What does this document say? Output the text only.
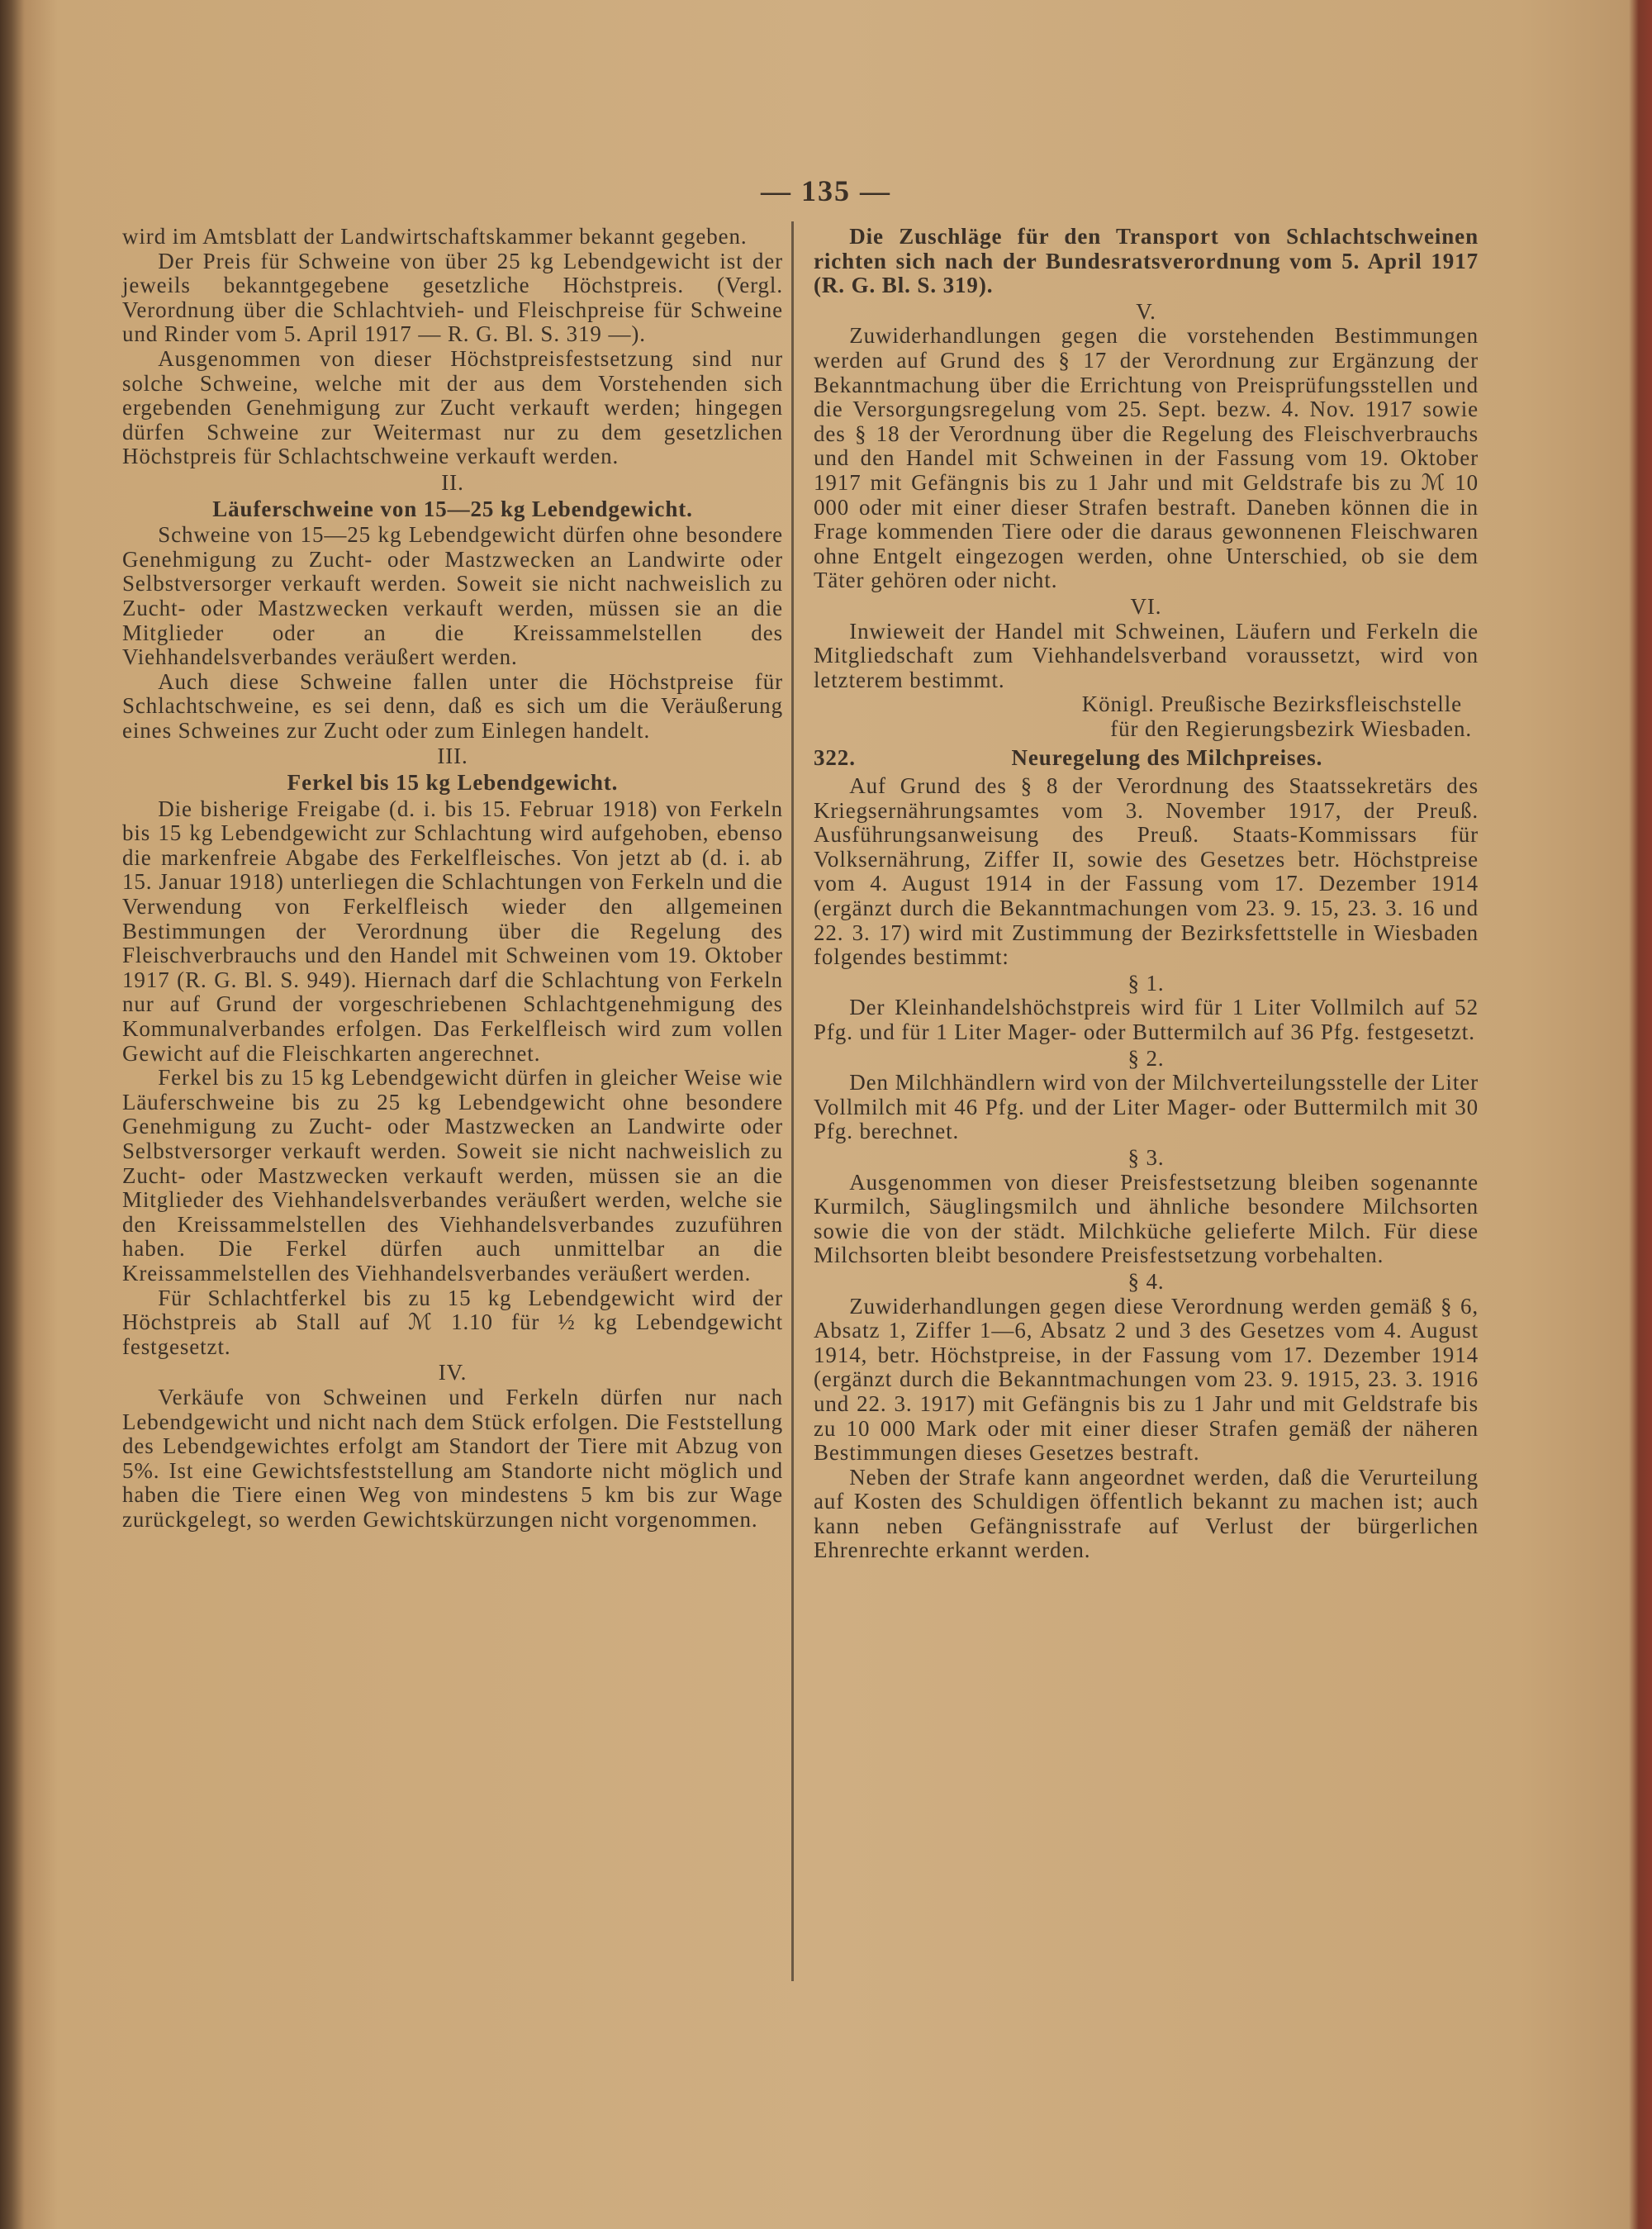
— 135 —

wird im Amtsblatt der Landwirtschaftskammer bekannt gegeben.

Der Preis für Schweine von über 25 kg Lebendgewicht ist der jeweils bekanntgegebene gesetzliche Höchstpreis. (Vergl. Verordnung über die Schlachtvieh- und Fleischpreise für Schweine und Rinder vom 5. April 1917 — R. G. Bl. S. 319 —).

Ausgenommen von dieser Höchstpreisfestsetzung sind nur solche Schweine, welche mit der aus dem Vorstehenden sich ergebenden Genehmigung zur Zucht verkauft werden; hingegen dürfen Schweine zur Weitermast nur zu dem gesetzlichen Höchstpreis für Schlachtschweine verkauft werden.

II.
Läuferschweine von 15—25 kg Lebendgewicht.

Schweine von 15—25 kg Lebendgewicht dürfen ohne besondere Genehmigung zu Zucht- oder Mastzwecken an Landwirte oder Selbstversorger verkauft werden. Soweit sie nicht nachweislich zu Zucht- oder Mastzwecken verkauft werden, müssen sie an die Mitglieder oder an die Kreissammelstellen des Viehhandelsverbandes veräußert werden.

Auch diese Schweine fallen unter die Höchstpreise für Schlachtschweine, es sei denn, daß es sich um die Veräußerung eines Schweines zur Zucht oder zum Einlegen handelt.

III.
Ferkel bis 15 kg Lebendgewicht.

Die bisherige Freigabe (d. i. bis 15. Februar 1918) von Ferkeln bis 15 kg Lebendgewicht zur Schlachtung wird aufgehoben, ebenso die markenfreie Abgabe des Ferkelfleisches. Von jetzt ab (d. i. ab 15. Januar 1918) unterliegen die Schlachtungen von Ferkeln und die Verwendung von Ferkelfleisch wieder den allgemeinen Bestimmungen der Verordnung über die Regelung des Fleischverbrauchs und den Handel mit Schweinen vom 19. Oktober 1917 (R. G. Bl. S. 949). Hiernach darf die Schlachtung von Ferkeln nur auf Grund der vorgeschriebenen Schlachtgenehmigung des Kommunalverbandes erfolgen. Das Ferkelfleisch wird zum vollen Gewicht auf die Fleischkarten angerechnet.

Ferkel bis zu 15 kg Lebendgewicht dürfen in gleicher Weise wie Läuferschweine bis zu 25 kg Lebendgewicht ohne besondere Genehmigung zu Zucht- oder Mastzwecken an Landwirte oder Selbstversorger verkauft werden. Soweit sie nicht nachweislich zu Zucht- oder Mastzwecken verkauft werden, müssen sie an die Mitglieder des Viehhandelsverbandes veräußert werden, welche sie den Kreissammelstellen des Viehhandelsverbandes zuzuführen haben. Die Ferkel dürfen auch unmittelbar an die Kreissammelstellen des Viehhandelsverbandes veräußert werden.

Für Schlachtferkel bis zu 15 kg Lebendgewicht wird der Höchstpreis ab Stall auf ℳ 1.10 für ½ kg Lebendgewicht festgesetzt.

IV.

Verkäufe von Schweinen und Ferkeln dürfen nur nach Lebendgewicht und nicht nach dem Stück erfolgen. Die Feststellung des Lebendgewichtes erfolgt am Standort der Tiere mit Abzug von 5%. Ist eine Gewichtsfeststellung am Standorte nicht möglich und haben die Tiere einen Weg von mindestens 5 km bis zur Wage zurückgelegt, so werden Gewichtskürzungen nicht vorgenommen.

Die Zuschläge für den Transport von Schlachtschweinen richten sich nach der Bundesratsverordnung vom 5. April 1917 (R. G. Bl. S. 319).

V.

Zuwiderhandlungen gegen die vorstehenden Bestimmungen werden auf Grund des § 17 der Verordnung zur Ergänzung der Bekanntmachung über die Errichtung von Preisprüfungsstellen und die Versorgungsregelung vom 25. Sept. bezw. 4. Nov. 1917 sowie des § 18 der Verordnung über die Regelung des Fleischverbrauchs und den Handel mit Schweinen in der Fassung vom 19. Oktober 1917 mit Gefängnis bis zu 1 Jahr und mit Geldstrafe bis zu ℳ 10 000 oder mit einer dieser Strafen bestraft. Daneben können die in Frage kommenden Tiere oder die daraus gewonnenen Fleischwaren ohne Entgelt eingezogen werden, ohne Unterschied, ob sie dem Täter gehören oder nicht.

VI.

Inwieweit der Handel mit Schweinen, Läufern und Ferkeln die Mitgliedschaft zum Viehhandelsverband voraussetzt, wird von letzterem bestimmt.

Königl. Preußische Bezirksfleischstelle
für den Regierungsbezirk Wiesbaden.
322.	Neuregelung des Milchpreises.

Auf Grund des § 8 der Verordnung des Staatssekretärs des Kriegsernährungsamtes vom 3. November 1917, der Preuß. Ausführungsanweisung des Preuß. Staats-Kommissars für Volksernährung, Ziffer II, sowie des Gesetzes betr. Höchstpreise vom 4. August 1914 in der Fassung vom 17. Dezember 1914 (ergänzt durch die Bekanntmachungen vom 23. 9. 15, 23. 3. 16 und 22. 3. 17) wird mit Zustimmung der Bezirksfettstelle in Wiesbaden folgendes bestimmt:

§ 1.

Der Kleinhandelshöchstpreis wird für 1 Liter Vollmilch auf 52 Pfg. und für 1 Liter Mager- oder Buttermilch auf 36 Pfg. festgesetzt.

§ 2.

Den Milchhändlern wird von der Milchverteilungsstelle der Liter Vollmilch mit 46 Pfg. und der Liter Mager- oder Buttermilch mit 30 Pfg. berechnet.

§ 3.

Ausgenommen von dieser Preisfestsetzung bleiben sogenannte Kurmilch, Säuglingsmilch und ähnliche besondere Milchsorten sowie die von der städt. Milchküche gelieferte Milch. Für diese Milchsorten bleibt besondere Preisfestsetzung vorbehalten.

§ 4.

Zuwiderhandlungen gegen diese Verordnung werden gemäß § 6, Absatz 1, Ziffer 1—6, Absatz 2 und 3 des Gesetzes vom 4. August 1914, betr. Höchstpreise, in der Fassung vom 17. Dezember 1914 (ergänzt durch die Bekanntmachungen vom 23. 9. 1915, 23. 3. 1916 und 22. 3. 1917) mit Gefängnis bis zu 1 Jahr und mit Geldstrafe bis zu 10 000 Mark oder mit einer dieser Strafen gemäß der näheren Bestimmungen dieses Gesetzes bestraft.

Neben der Strafe kann angeordnet werden, daß die Verurteilung auf Kosten des Schuldigen öffentlich bekannt zu machen ist; auch kann neben Gefängnisstrafe auf Verlust der bürgerlichen Ehrenrechte erkannt werden.
